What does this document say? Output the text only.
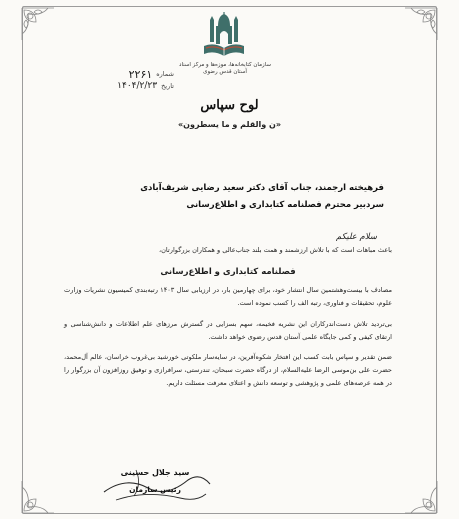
سازمان کتابخانه‌ها، موزه‌ها و مرکز اسناد
آستان قدس رضوی
شماره
۲۲۶۱
تاریخ
۱۴۰۴/۲/۲۳
لوح سپاس
«ن والقلم و ما یسطرون»
فرهیخته ارجمند، جناب آقای دکتر سعید رضایی شریف‌آبادی
سردبیر محترم فصلنامه کتابداری و اطلاع‌رسانی
سلام علیکم

باعث مباهات است که با تلاش ارزشمند و همت بلند جناب‌عالی و همکاران بزرگوارتان،

فصلنامه کتابداری و اطلاع‌رسانی

مصادف با بیست‌وهشتمین سال انتشار خود، برای چهارمین بار، در ارزیابی سال ۱۴۰۳ رتبه‌بندی کمیسیون نشریات وزارت علوم، تحقیقات و فناوری، رتبه الف را کسب نموده است.

بی‌تردید تلاش دست‌اندرکاران این نشریه فخیمه، سهم بسزایی در گسترش مرزهای علم اطلاعات و دانش‌شناسی و ارتقای کیفی و کمی جایگاه علمی آستان قدس رضوی خواهد داشت.

ضمن تقدیر و سپاس بابت کسب این افتخار شکوه‌آفرین، در سایه‌سار ملکوتی خورشید بی‌غروب خراسان، عالم آل‌محمد، حضرت علی بن‌موسی الرضا علیه‌السلام، از درگاه حضرت سبحان، تندرستی، سرافرازی و توفیق روزافزون آن بزرگوار را در همه عرصه‌های علمی و پژوهشی و توسعه دانش و اعتلای معرفت مسئلت داریم.

سید جلال حسینی
رئیس سازمان
